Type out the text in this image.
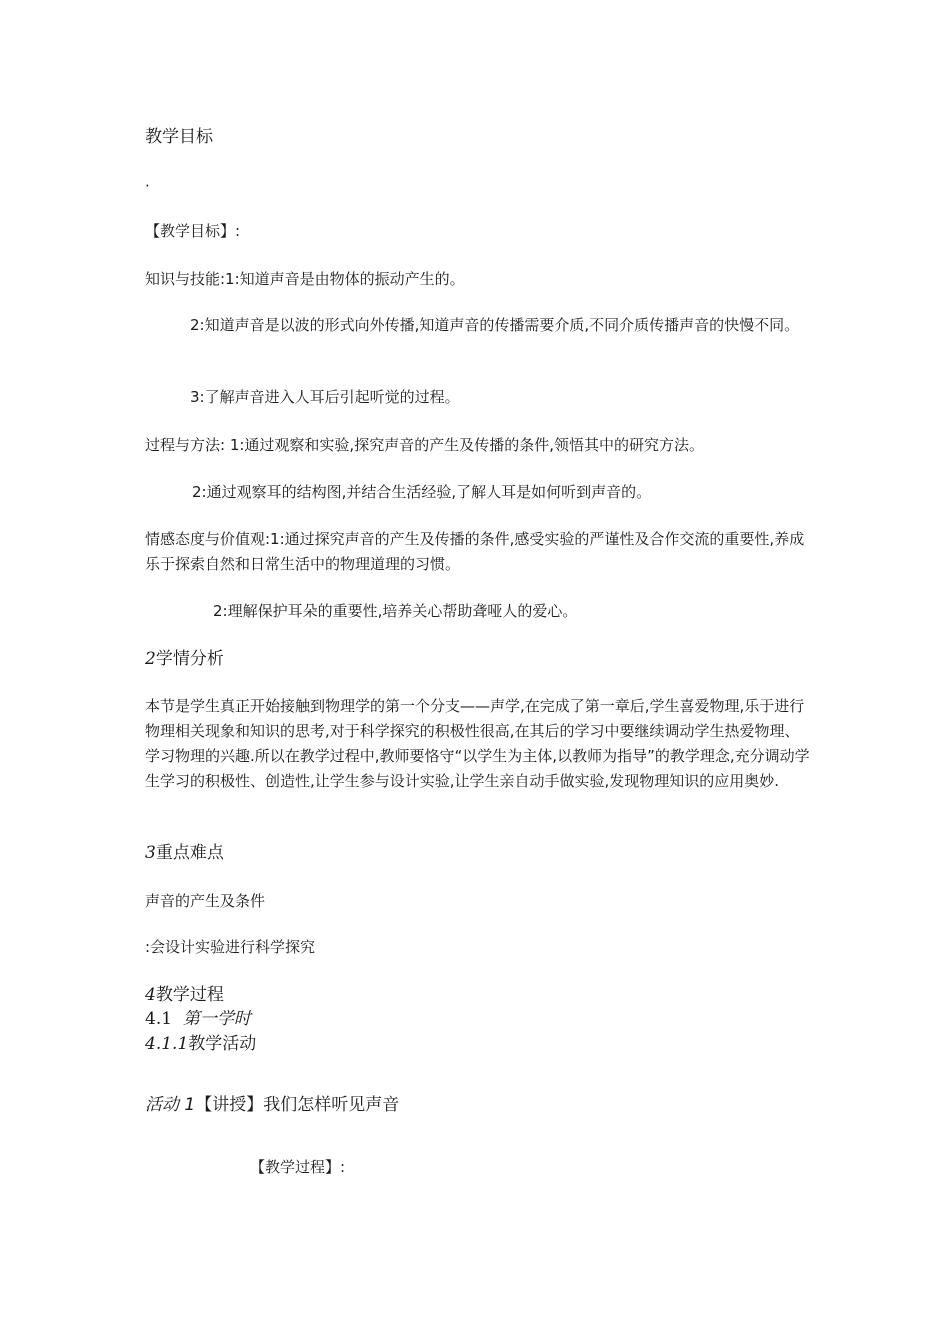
教学目标
·
【教学目标】:
知识与技能:1:知道声音是由物体的振动产生的。
2:知道声音是以波的形式向外传播,知道声音的传播需要介质,不同介质传播声音的快慢不同。
3:了解声音进入人耳后引起听觉的过程。
过程与方法: 1:通过观察和实验,探究声音的产生及传播的条件,领悟其中的研究方法。
2:通过观察耳的结构图,并结合生活经验,了解人耳是如何听到声音的。
情感态度与价值观:1:通过探究声音的产生及传播的条件,感受实验的严谨性及合作交流的重要性,养成乐于探索自然和日常生活中的物理道理的习惯。
2:理解保护耳朵的重要性,培养关心帮助聋哑人的爱心。
2学情分析
本节是学生真正开始接触到物理学的第一个分支——声学,在完成了第一章后,学生喜爱物理,乐于进行物理相关现象和知识的思考,对于科学探究的积极性很高,在其后的学习中要继续调动学生热爱物理、学习物理的兴趣.所以在教学过程中,教师要恪守“以学生为主体,以教师为指导”的教学理念,充分调动学生学习的积极性、创造性,让学生参与设计实验,让学生亲自动手做实验,发现物理知识的应用奥妙.
3重点难点
声音的产生及条件
:会设计实验进行科学探究
4教学过程
4.1 第一学时
4.1.1教学活动
活动 1【讲授】我们怎样听见声音
【教学过程】:
